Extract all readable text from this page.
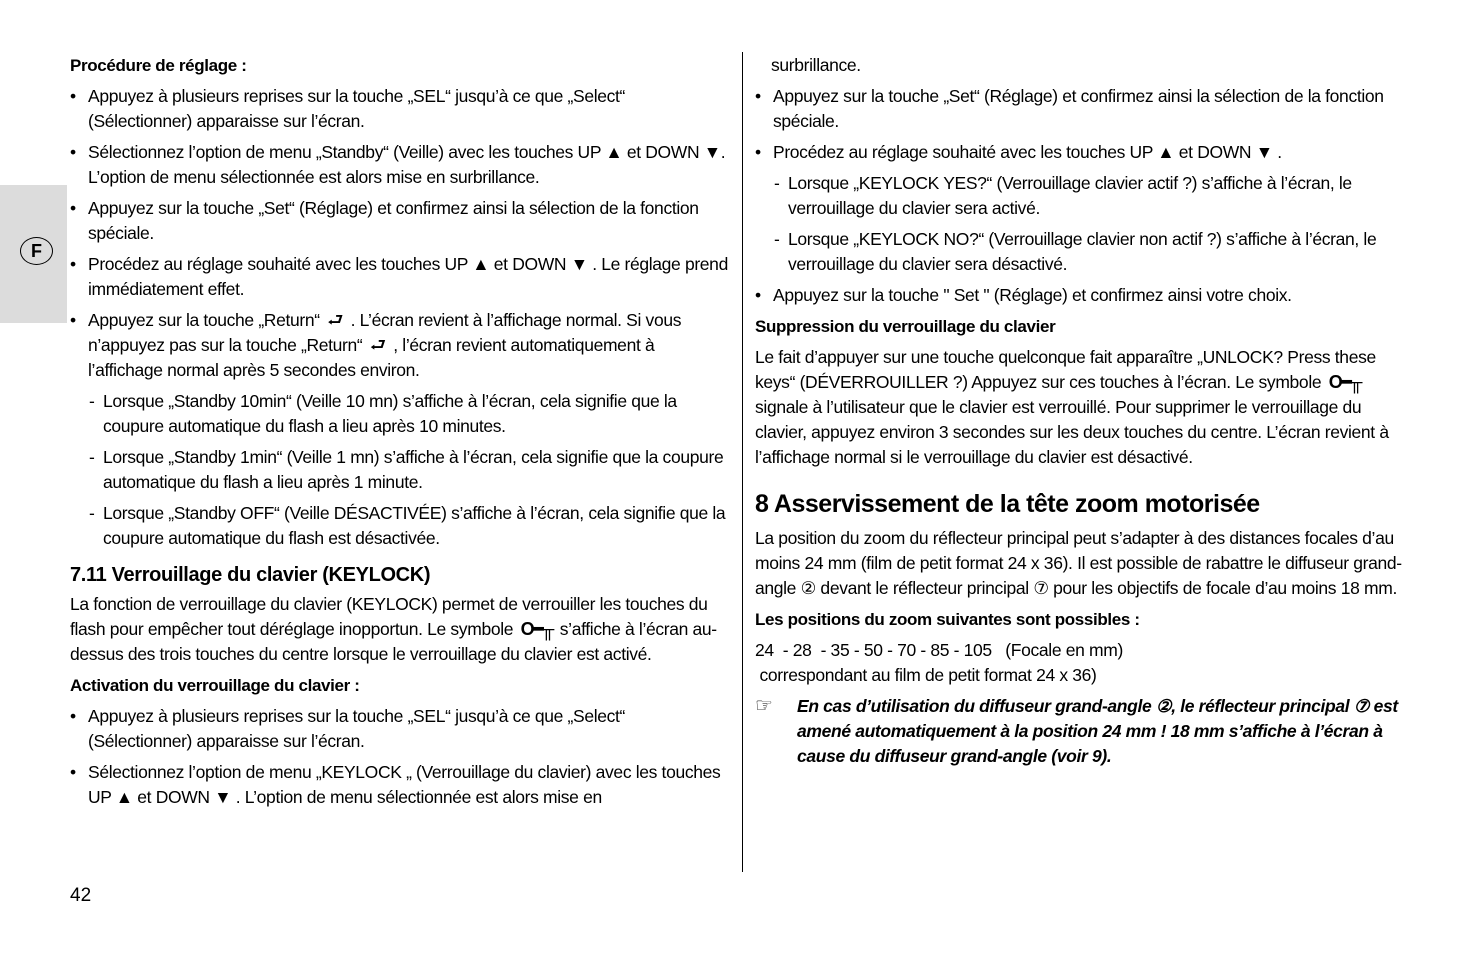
F

Procédure de réglage :

• Appuyez à plusieurs reprises sur la touche „SEL“ jusqu’à ce que „Select“ (Sélectionner) apparaisse sur l’écran.
• Sélectionnez l’option de menu „Standby“ (Veille) avec les touches UP ▲ et DOWN ▼. L’option de menu sélectionnée est alors mise en surbrillance.
• Appuyez sur la touche „Set“ (Réglage) et confirmez ainsi la sélection de la fonction spéciale.
• Procédez au réglage souhaité avec les touches UP ▲ et DOWN ▼ . Le réglage prend immédiatement effet.
• Appuyez sur la touche „Return“ ⮐ . L’écran revient à l’affichage normal. Si vous n’appuyez pas sur la touche „Return“ ⮐ , l’écran revient automatiquement à l’affichage normal après 5 secondes environ.
- Lorsque „Standby 10min“ (Veille 10 mn) s’affiche à l’écran, cela signifie que la coupure automatique du flash a lieu après 10 minutes.
- Lorsque „Standby 1min“ (Veille 1 mn) s’affiche à l’écran, cela signifie que la coupure automatique du flash a lieu après 1 minute.
- Lorsque „Standby OFF“ (Veille DÉSACTIVÉE) s’affiche à l’écran, cela signifie que la coupure automatique du flash est désactivée.

7.11 Verrouillage du clavier (KEYLOCK)

La fonction de verrouillage du clavier (KEYLOCK) permet de verrouiller les touches du flash pour empêcher tout déréglage inopportun. Le symbole O━╥ s’affiche à l’écran au-dessus des trois touches du centre lorsque le verrouillage du clavier est activé.

Activation du verrouillage du clavier :

• Appuyez à plusieurs reprises sur la touche „SEL“ jusqu’à ce que „Select“ (Sélectionner) apparaisse sur l’écran.
• Sélectionnez l’option de menu „KEYLOCK „ (Verrouillage du clavier) avec les touches UP ▲ et DOWN ▼ . L’option de menu sélectionnée est alors mise en

surbrillance.

• Appuyez sur la touche „Set“ (Réglage) et confirmez ainsi la sélection de la fonction spéciale.
• Procédez au réglage souhaité avec les touches UP ▲ et DOWN ▼ .
- Lorsque „KEYLOCK YES?“ (Verrouillage clavier actif ?) s’affiche à l’écran, le verrouillage du clavier sera activé.
- Lorsque „KEYLOCK NO?“ (Verrouillage clavier non actif ?) s’affiche à l’écran, le verrouillage du clavier sera désactivé.
• Appuyez sur la touche " Set " (Réglage) et confirmez ainsi votre choix.

Suppression du verrouillage du clavier

Le fait d’appuyer sur une touche quelconque fait apparaître „UNLOCK? Press these keys“ (DÉVERROUILLER ?) Appuyez sur ces touches à l’écran. Le symbole O━╥ signale à l’utilisateur que le clavier est verrouillé. Pour supprimer le verrouillage du clavier, appuyez environ 3 secondes sur les deux touches du centre. L’écran revient à l’affichage normal si le verrouillage du clavier est désactivé.

8 Asservissement de la tête zoom motorisée

La position du zoom du réflecteur principal peut s’adapter à des distances focales d’au moins 24 mm (film de petit format 24 x 36). Il est possible de rabattre le diffuseur grand-angle ② devant le réflecteur principal ⑦ pour les objectifs de focale d’au moins 18 mm.

Les positions du zoom suivantes sont possibles :

24  - 28  - 35 - 50 - 70 - 85 - 105   (Focale en mm)

correspondant au film de petit format 24 x 36)

☞ En cas d’utilisation du diffuseur grand-angle ②, le réflecteur principal ⑦ est amené automatiquement à la position 24 mm ! 18 mm s’affiche à l’écran à cause du diffuseur grand-angle (voir 9).
42
